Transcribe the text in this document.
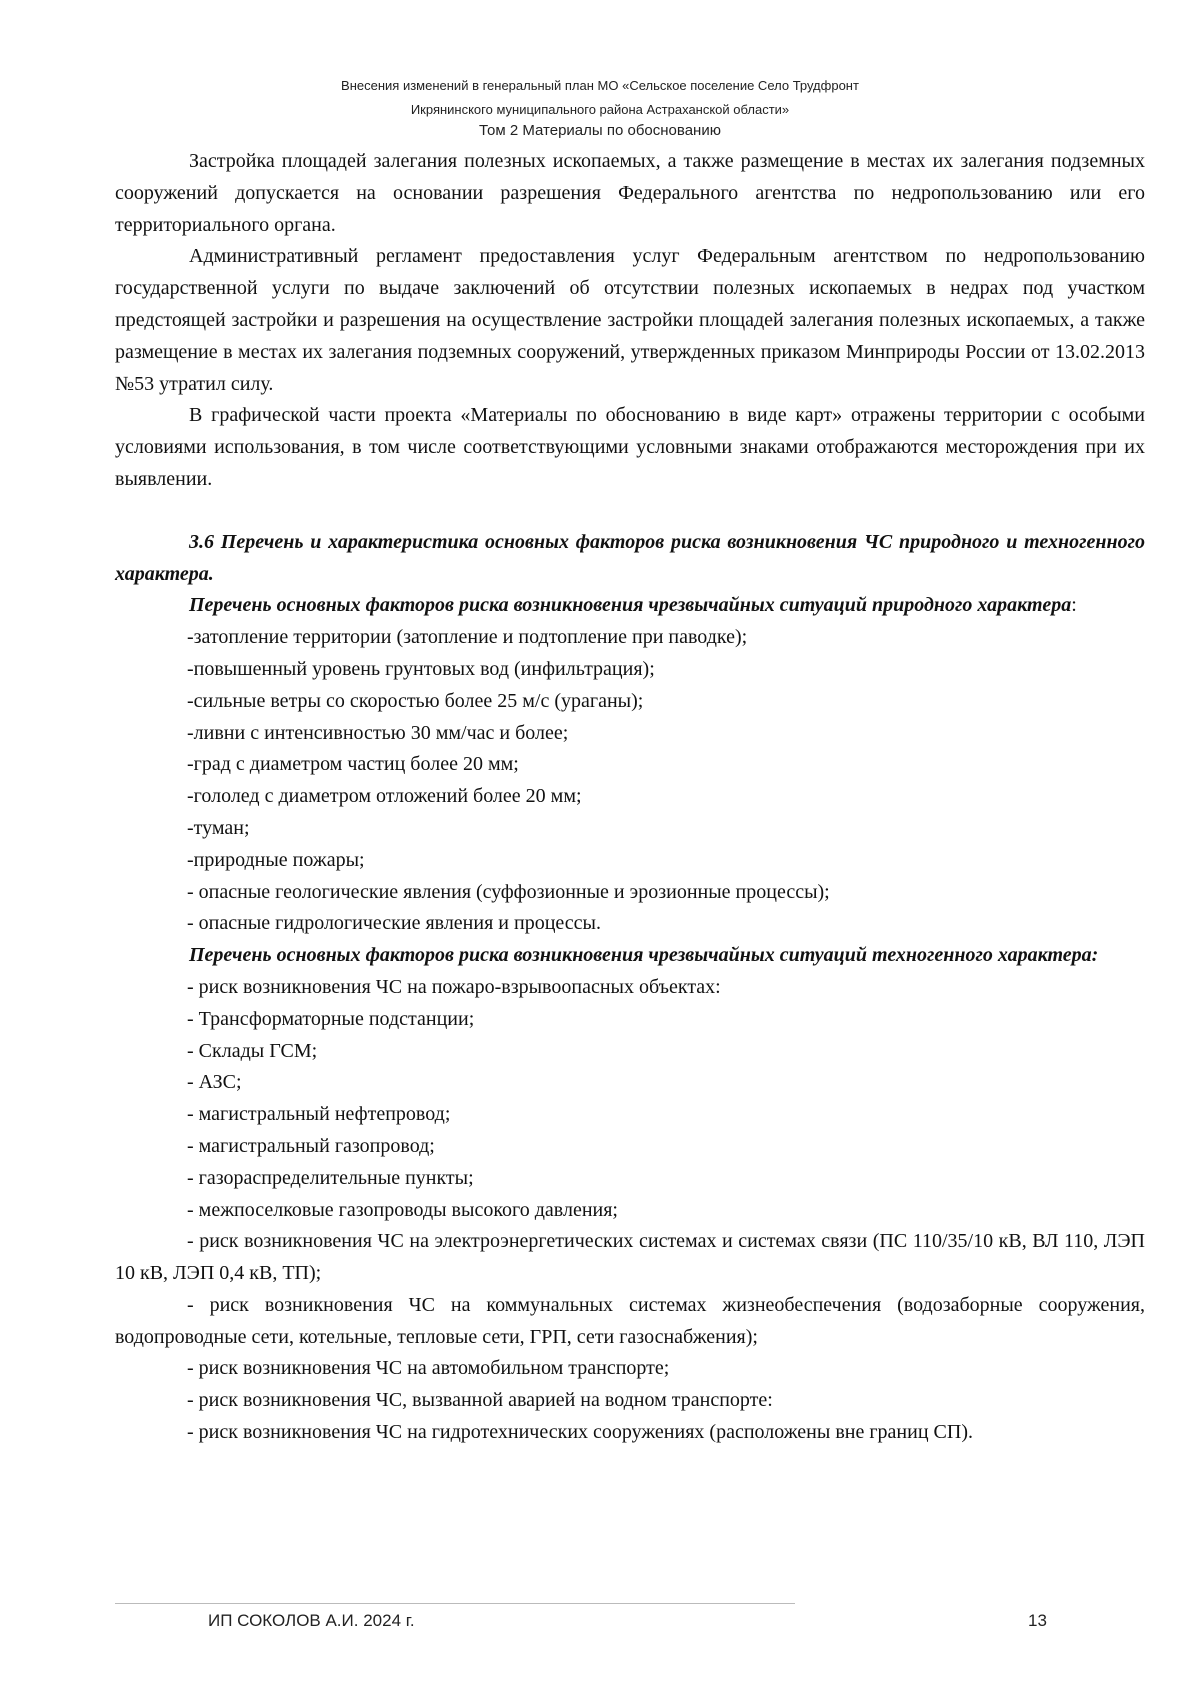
Внесения изменений в генеральный план МО «Сельское поселение Село Трудфронт
Икрянинского муниципального района Астраханской области»
Том 2 Материалы по обоснованию

Застройка площадей залегания полезных ископаемых, а также размещение в местах их залегания подземных сооружений допускается на основании разрешения Федерального агентства по недропользованию или его территориального органа.

Административный регламент предоставления услуг Федеральным агентством по недропользованию государственной услуги по выдаче заключений об отсутствии полезных ископаемых в недрах под участком предстоящей застройки и разрешения на осуществление застройки площадей залегания полезных ископаемых, а также размещение в местах их залегания подземных сооружений, утвержденных приказом Минприроды России от 13.02.2013 №53 утратил силу.

В графической части проекта «Материалы по обоснованию в виде карт» отражены территории с особыми условиями использования, в том числе соответствующими условными знаками отображаются месторождения при их выявлении.

3.6 Перечень и характеристика основных факторов риска возникновения ЧС природного и техногенного характера.

Перечень основных факторов риска возникновения чрезвычайных ситуаций природного характера:

-затопление территории (затопление и подтопление при паводке);

-повышенный уровень грунтовых вод (инфильтрация);

-сильные ветры со скоростью более 25 м/с (ураганы);

-ливни с интенсивностью 30 мм/час и более;

-град с диаметром частиц более 20 мм;

-гололед с диаметром отложений более 20 мм;

-туман;

-природные пожары;

- опасные геологические явления (суффозионные и эрозионные процессы);

- опасные гидрологические явления и процессы.

Перечень основных факторов риска возникновения чрезвычайных ситуаций техногенного характера:

- риск возникновения ЧС на пожаро-взрывоопасных объектах:

- Трансформаторные подстанции;

- Склады ГСМ;

- АЗС;

- магистральный нефтепровод;

- магистральный газопровод;

- газораспределительные пункты;

- межпоселковые газопроводы высокого давления;

- риск возникновения ЧС на электроэнергетических системах и системах связи (ПС 110/35/10 кВ, ВЛ 110, ЛЭП 10 кВ, ЛЭП 0,4 кВ, ТП);

- риск возникновения ЧС на коммунальных системах жизнеобеспечения (водозаборные сооружения, водопроводные сети, котельные, тепловые сети, ГРП, сети газоснабжения);

- риск возникновения ЧС на автомобильном транспорте;

- риск возникновения ЧС, вызванной аварией на водном транспорте:

- риск возникновения ЧС на гидротехнических сооружениях (расположены вне границ СП).

ИП СОКОЛОВ А.И. 2024 г.	13
